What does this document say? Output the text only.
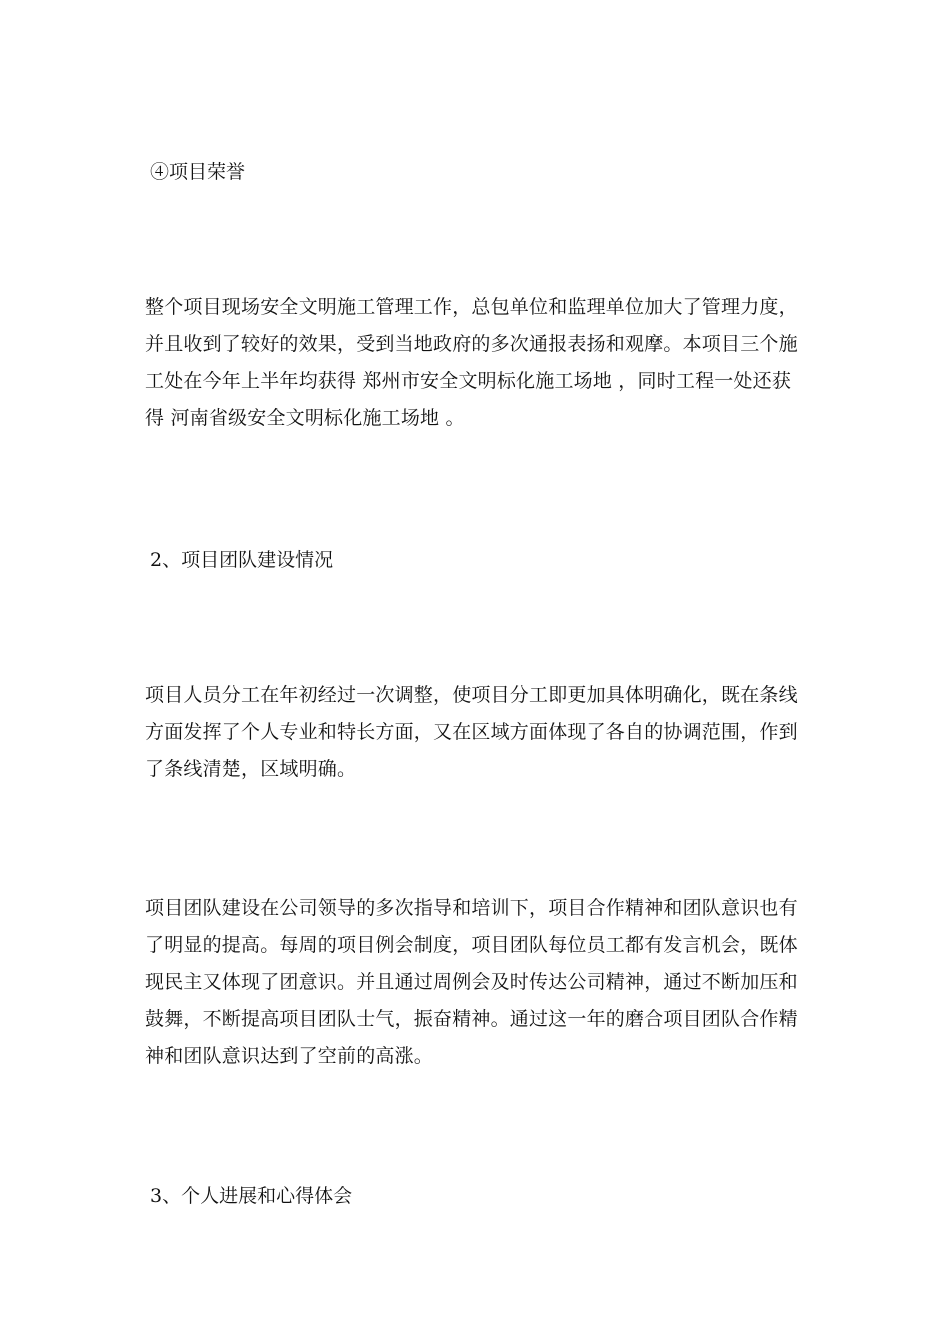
④项目荣誉
整个项目现场安全文明施工管理工作，总包单位和监理单位加大了管理力度，
并且收到了较好的效果，受到当地政府的多次通报表扬和观摩。本项目三个施
工处在今年上半年均获得 郑州市安全文明标化施工场地 ，同时工程一处还获
得 河南省级安全文明标化施工场地 。
2、项目团队建设情况
项目人员分工在年初经过一次调整，使项目分工即更加具体明确化，既在条线
方面发挥了个人专业和特长方面，又在区域方面体现了各自的协调范围，作到
了条线清楚，区域明确。
项目团队建设在公司领导的多次指导和培训下，项目合作精神和团队意识也有
了明显的提高。每周的项目例会制度，项目团队每位员工都有发言机会，既体
现民主又体现了团意识。并且通过周例会及时传达公司精神，通过不断加压和
鼓舞，不断提高项目团队士气，振奋精神。通过这一年的磨合项目团队合作精
神和团队意识达到了空前的高涨。
3、个人进展和心得体会
